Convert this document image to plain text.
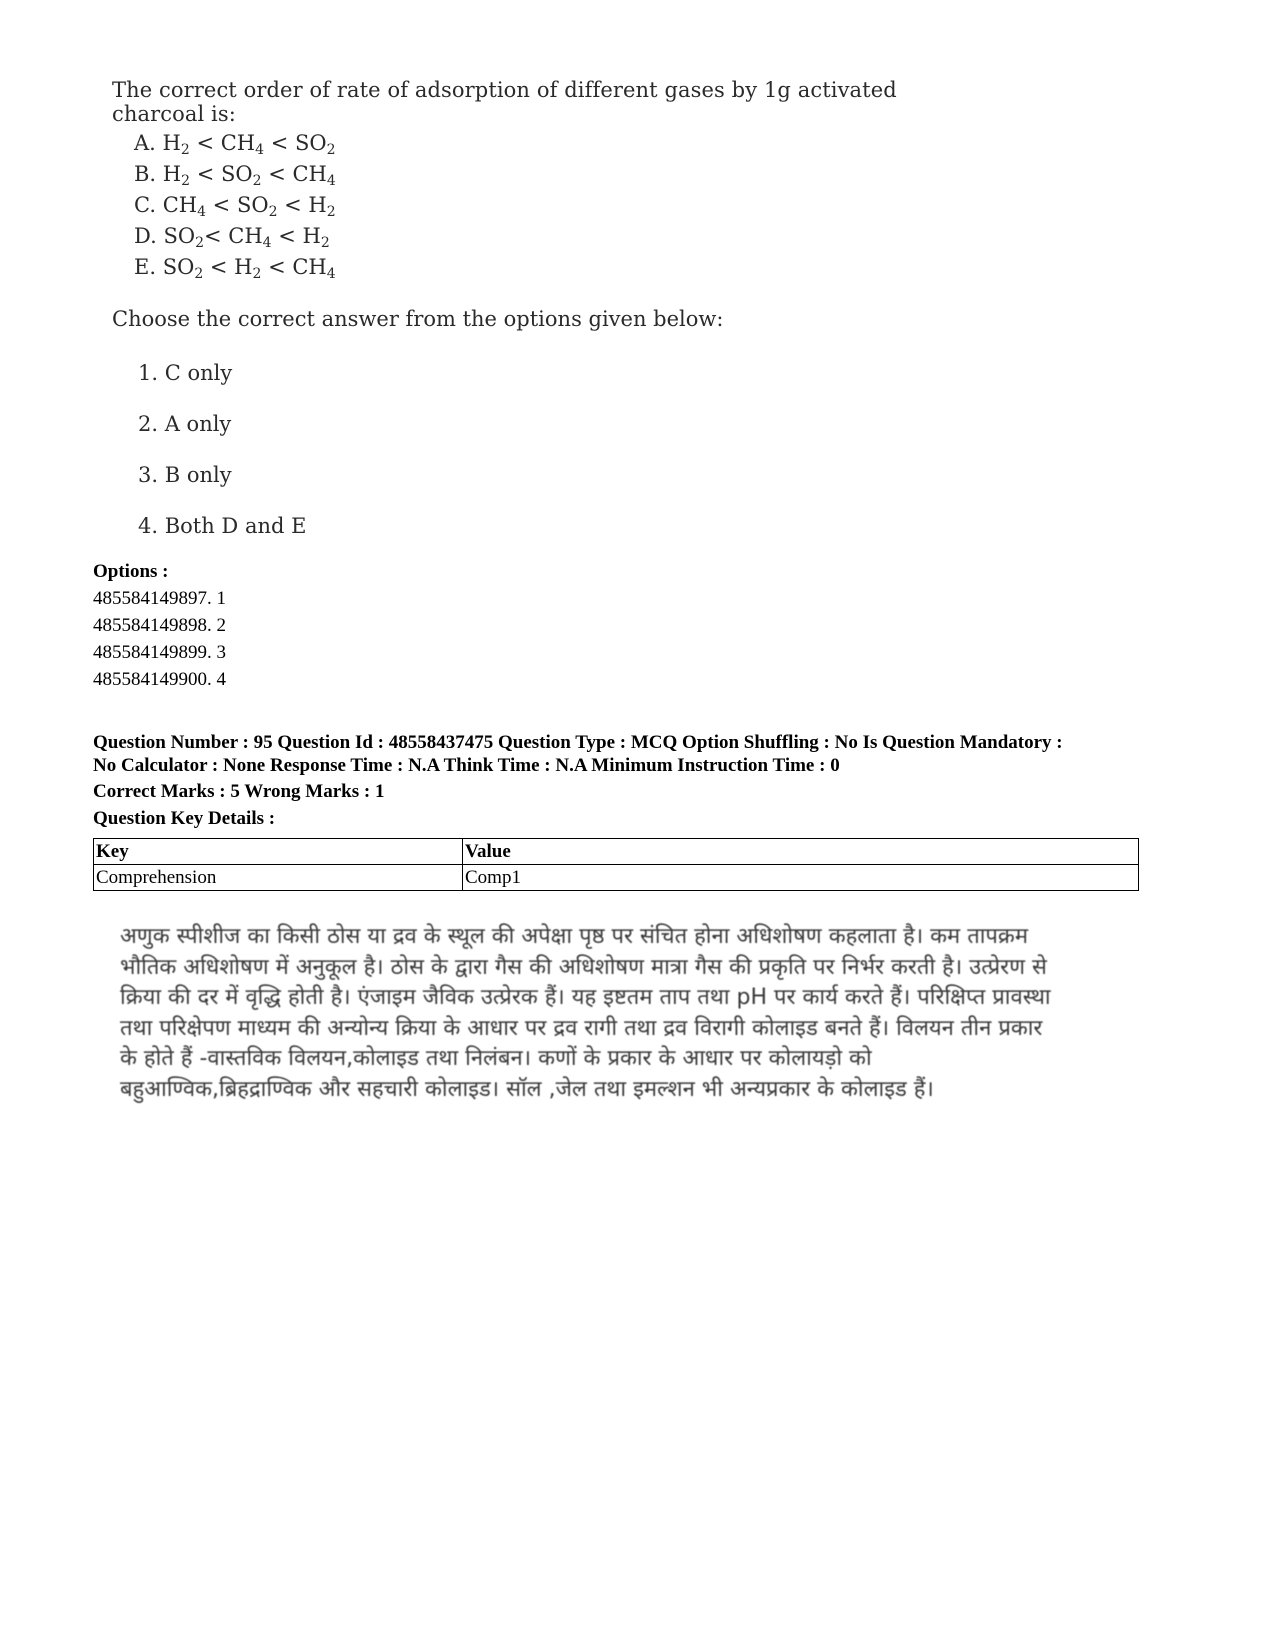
The correct order of rate of adsorption of different gases by 1g activated charcoal is:
A. $H_2 < CH_4 < SO_2$
B. $H_2 < SO_2 < CH_4$
C. $CH_4 < SO_2 < H_2$
D. $SO_2< CH_4 < H_2$
E. $SO_2 < H_2 < CH_4$
Choose the correct answer from the options given below:
1. C only
2. A only
3. B only
4. Both D and E
Options :
485584149897. 1
485584149898. 2
485584149899. 3
485584149900. 4
Question Number : 95 Question Id : 48558437475 Question Type : MCQ Option Shuffling : No Is Question Mandatory :
No Calculator : None Response Time : N.A Think Time : N.A Minimum Instruction Time : 0
Correct Marks : 5 Wrong Marks : 1
Question Key Details :
Key	Value
Comprehension	Comp1
अणुक स्पीशीज का किसी ठोस या द्रव के स्थूल की अपेक्षा पृष्ठ पर संचित होना अधिशोषण कहलाता है। कम तापक्रम
भौतिक अधिशोषण में अनुकूल है। ठोस के द्वारा गैस की अधिशोषण मात्रा गैस की प्रकृति पर निर्भर करती है। उत्प्रेरण से
क्रिया की दर में वृद्धि होती है। एंजाइम जैविक उत्प्रेरक हैं। यह इष्टतम ताप तथा pH पर कार्य करते हैं। परिक्षिप्त प्रावस्था
तथा परिक्षेपण माध्यम की अन्योन्य क्रिया के आधार पर द्रव रागी तथा द्रव विरागी कोलाइड बनते हैं। विलयन तीन प्रकार
के होते हैं -वास्तविक विलयन,कोलाइड तथा निलंबन। कणों के प्रकार के आधार पर कोलायड़ो को
बहुआण्विक,ब्रिहद्राण्विक और सहचारी कोलाइड। सॉल ,जेल तथा इमल्शन भी अन्यप्रकार के कोलाइड हैं।
